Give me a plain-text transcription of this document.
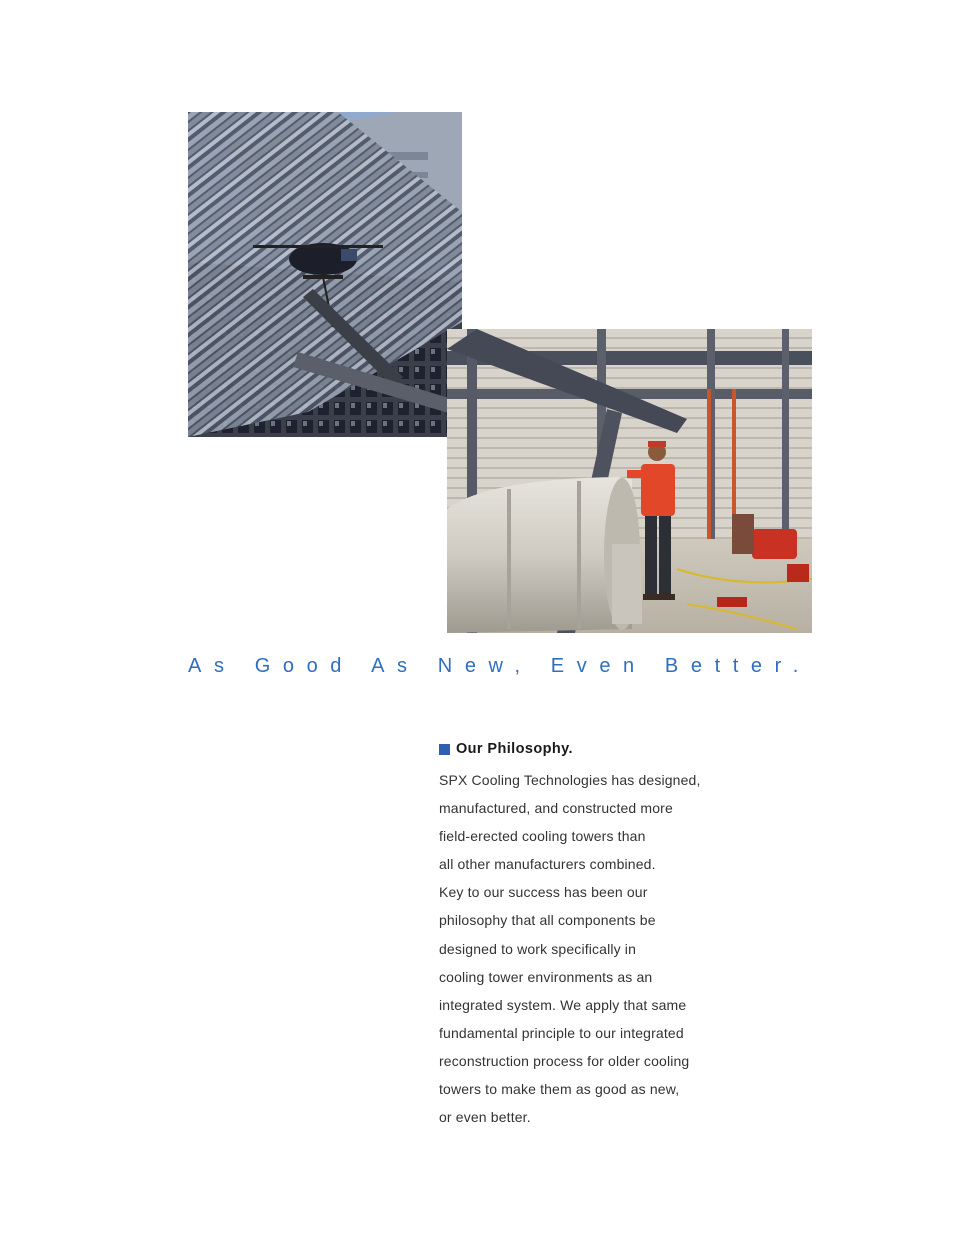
As Good As New, Even Better.
Our Philosophy.
SPX Cooling Technologies has designed,
manufactured, and constructed more
field-erected cooling towers than
all other manufacturers combined.
Key to our success has been our
philosophy that all components be
designed to work specifically in
cooling tower environments as an
integrated system. We apply that same
fundamental principle to our integrated
reconstruction process for older cooling
towers to make them as good as new,
or even better.
